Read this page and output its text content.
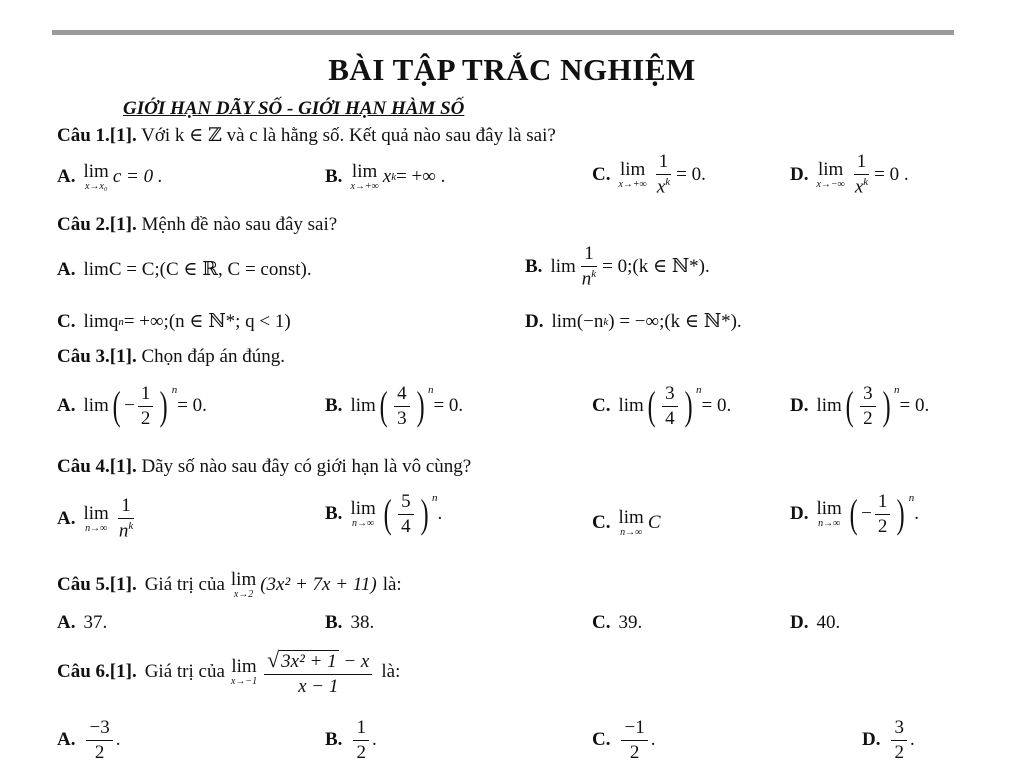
BÀI TẬP TRẮC NGHIỆM
GIỚI HẠN DÃY SỐ - GIỚI HẠN HÀM SỐ
Câu 1.[1]. Với k ∈ ℤ và c là hằng số. Kết quả nào sau đây là sai?
A. lim
x→x₀ c = 0 .	B. lim
x→+∞ x k = +∞ .	C. lim
$x\to+\infty \frac{1}{x^k} = 0$.	D. lim
$x\to-\infty \frac{1}{x^k} = 0$ .
Câu 2.[1]. Mệnh đề nào sau đây sai?
A. limC = C;(C ∈ ℝ, C = const).	B. $\lim \frac{1}{n^k}$ = 0;(k ∈ ℕ*).
C. limq n = +∞;(n ∈ ℕ*; q < 1)	D. lim(−n k ) = −∞;(k ∈ ℕ*).
Câu 3.[1]. Chọn đáp án đúng.
A. lim ( − $\frac{1}{2}$ ) n
= 0.	B. lim ( $\frac{4}{3}$ ) n
= 0.	C. lim ( $\frac{3}{4}$ ) n
= 0.	D. lim ( $\frac{3}{2}$ ) n
= 0.
Câu 4.[1]. Dãy số nào sau đây có giới hạn là vô cùng?
A. lim
$n\to\infty \frac{1}{n^k}$	B. lim
n→∞ ( $\frac{5}{4}$ ) n
.	C. lim
n→∞ C	D. lim
n→∞ ( − $\frac{1}{2}$ ) n
.
Câu 5.[1]. Giá trị của lim
x→2 (3x² + 7x + 11) là:
A. 37.	B. 38.	C. 39.	D. 40.
Câu 6.[1]. Giá trị của lim
$x\to-1 \frac{\text{√ 3x² + 1 − x}}{x - 1}$ là:
A. $\frac{-3}{2}$ .	B. $\frac{1}{2}$ .	C. $\frac{-1}{2}$ .	D. $\frac{3}{2}$ .
